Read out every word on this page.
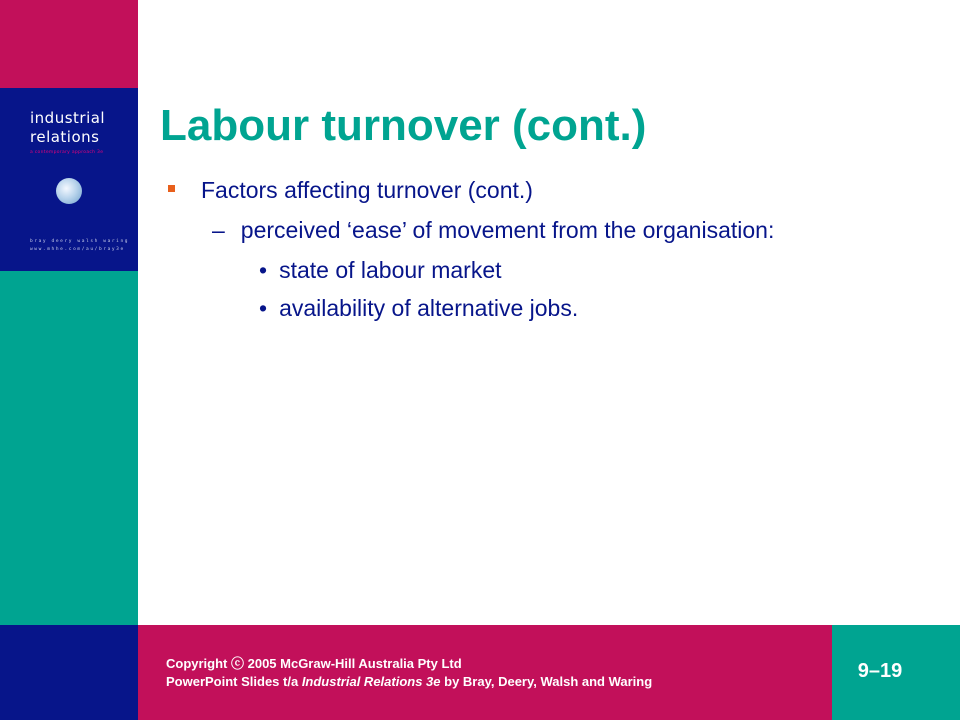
industrial
relations
a contemporary approach 3e
bray deery walsh waring
www.mhhe.com/au/bray3e
Labour turnover (cont.)
Factors affecting turnover (cont.)
– perceived ‘ease’ of movement from the organisation:
• state of labour market
• availability of alternative jobs.
Copyright ⓒ 2005 McGraw-Hill Australia Pty Ltd
PowerPoint Slides t/a Industrial Relations 3e by Bray, Deery, Walsh and Waring	9–19
